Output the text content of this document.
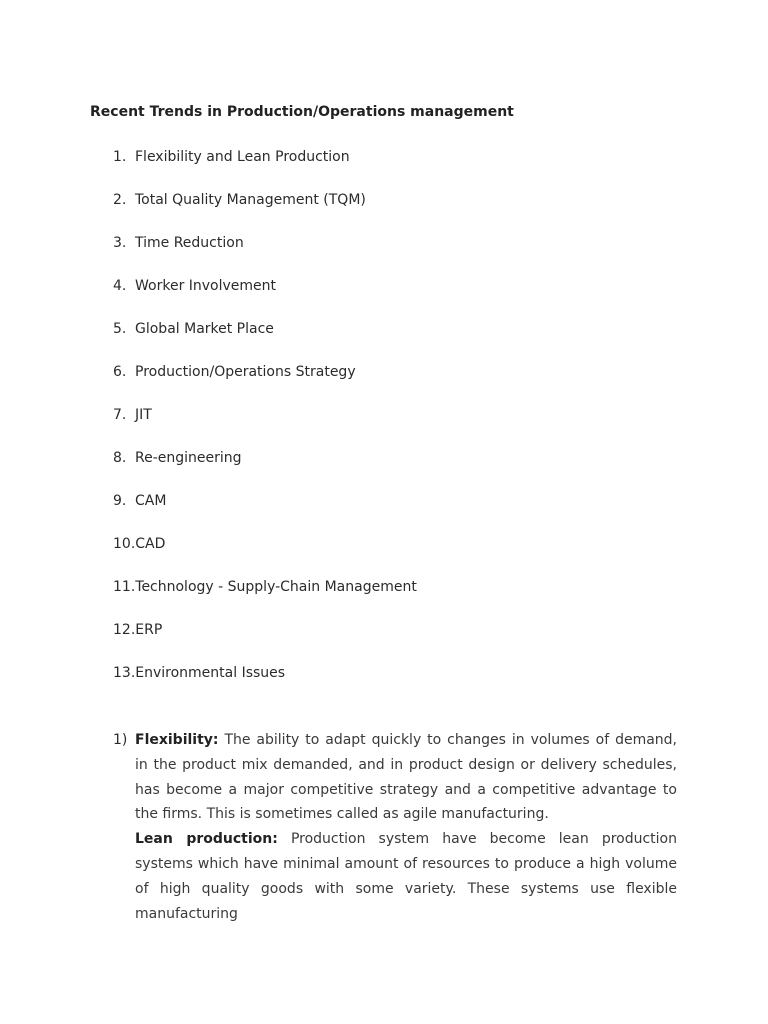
Recent Trends in Production/Operations management
1. Flexibility and Lean Production
2. Total Quality Management (TQM)
3. Time Reduction
4. Worker Involvement
5. Global Market Place
6. Production/Operations Strategy
7. JIT
8. Re-engineering
9. CAM
10.CAD
11.Technology - Supply-Chain Management
12.ERP
13.Environmental Issues
1) Flexibility: The ability to adapt quickly to changes in volumes of demand, in the product mix demanded, and in product design or delivery schedules, has become a major competitive strategy and a competitive advantage to the firms. This is sometimes called as agile manufacturing.

Lean production: Production system have become lean production systems which have minimal amount of resources to produce a high volume of high quality goods with some variety. These systems use flexible manufacturing
